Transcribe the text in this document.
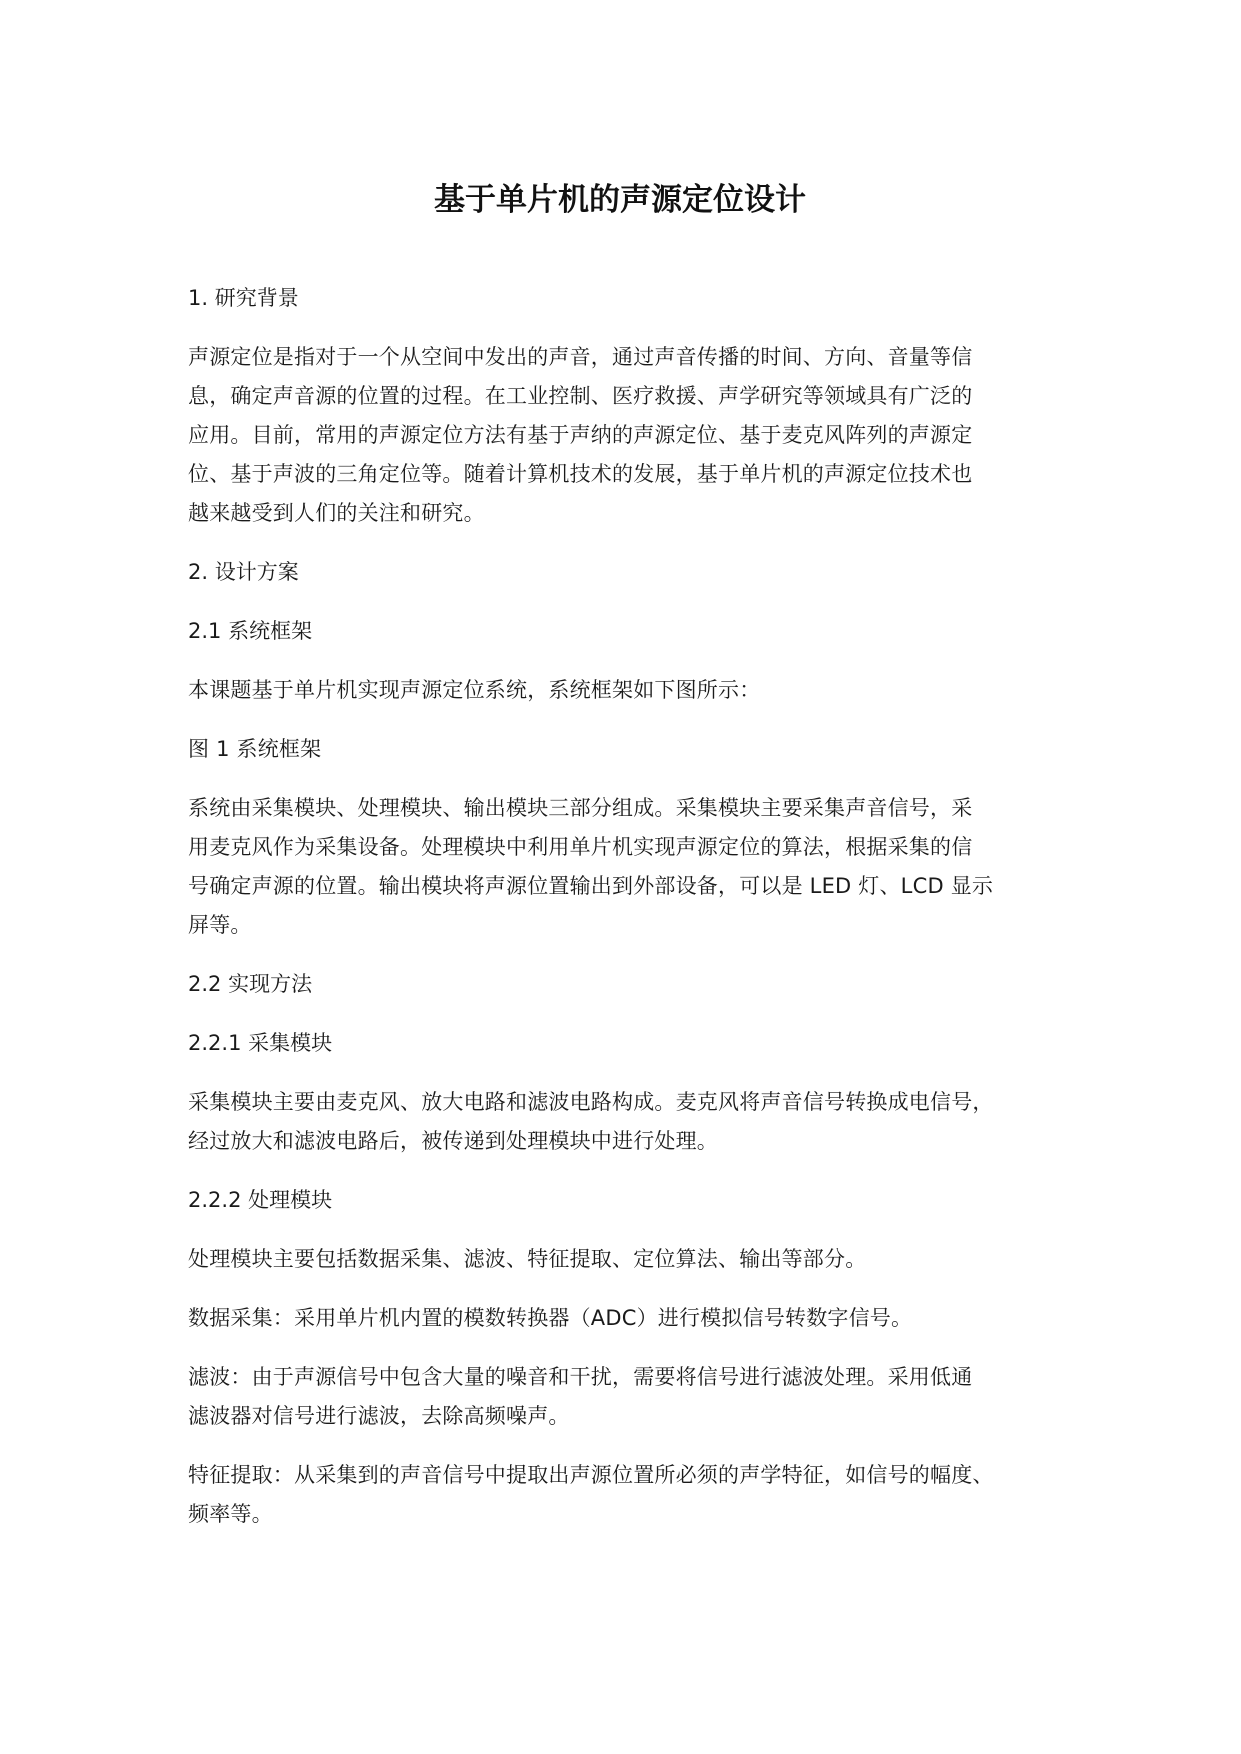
基于单片机的声源定位设计
1. 研究背景
声源定位是指对于一个从空间中发出的声音，通过声音传播的时间、方向、音量等信
息，确定声音源的位置的过程。在工业控制、医疗救援、声学研究等领域具有广泛的
应用。目前，常用的声源定位方法有基于声纳的声源定位、基于麦克风阵列的声源定
位、基于声波的三角定位等。随着计算机技术的发展，基于单片机的声源定位技术也
越来越受到人们的关注和研究。
2. 设计方案
2.1 系统框架
本课题基于单片机实现声源定位系统，系统框架如下图所示：
图 1 系统框架
系统由采集模块、处理模块、输出模块三部分组成。采集模块主要采集声音信号，采
用麦克风作为采集设备。处理模块中利用单片机实现声源定位的算法，根据采集的信
号确定声源的位置。输出模块将声源位置输出到外部设备，可以是 LED 灯、LCD 显示
屏等。
2.2 实现方法
2.2.1 采集模块
采集模块主要由麦克风、放大电路和滤波电路构成。麦克风将声音信号转换成电信号，
经过放大和滤波电路后，被传递到处理模块中进行处理。
2.2.2 处理模块
处理模块主要包括数据采集、滤波、特征提取、定位算法、输出等部分。
数据采集：采用单片机内置的模数转换器（ADC）进行模拟信号转数字信号。
滤波：由于声源信号中包含大量的噪音和干扰，需要将信号进行滤波处理。采用低通
滤波器对信号进行滤波，去除高频噪声。
特征提取：从采集到的声音信号中提取出声源位置所必须的声学特征，如信号的幅度、
频率等。
